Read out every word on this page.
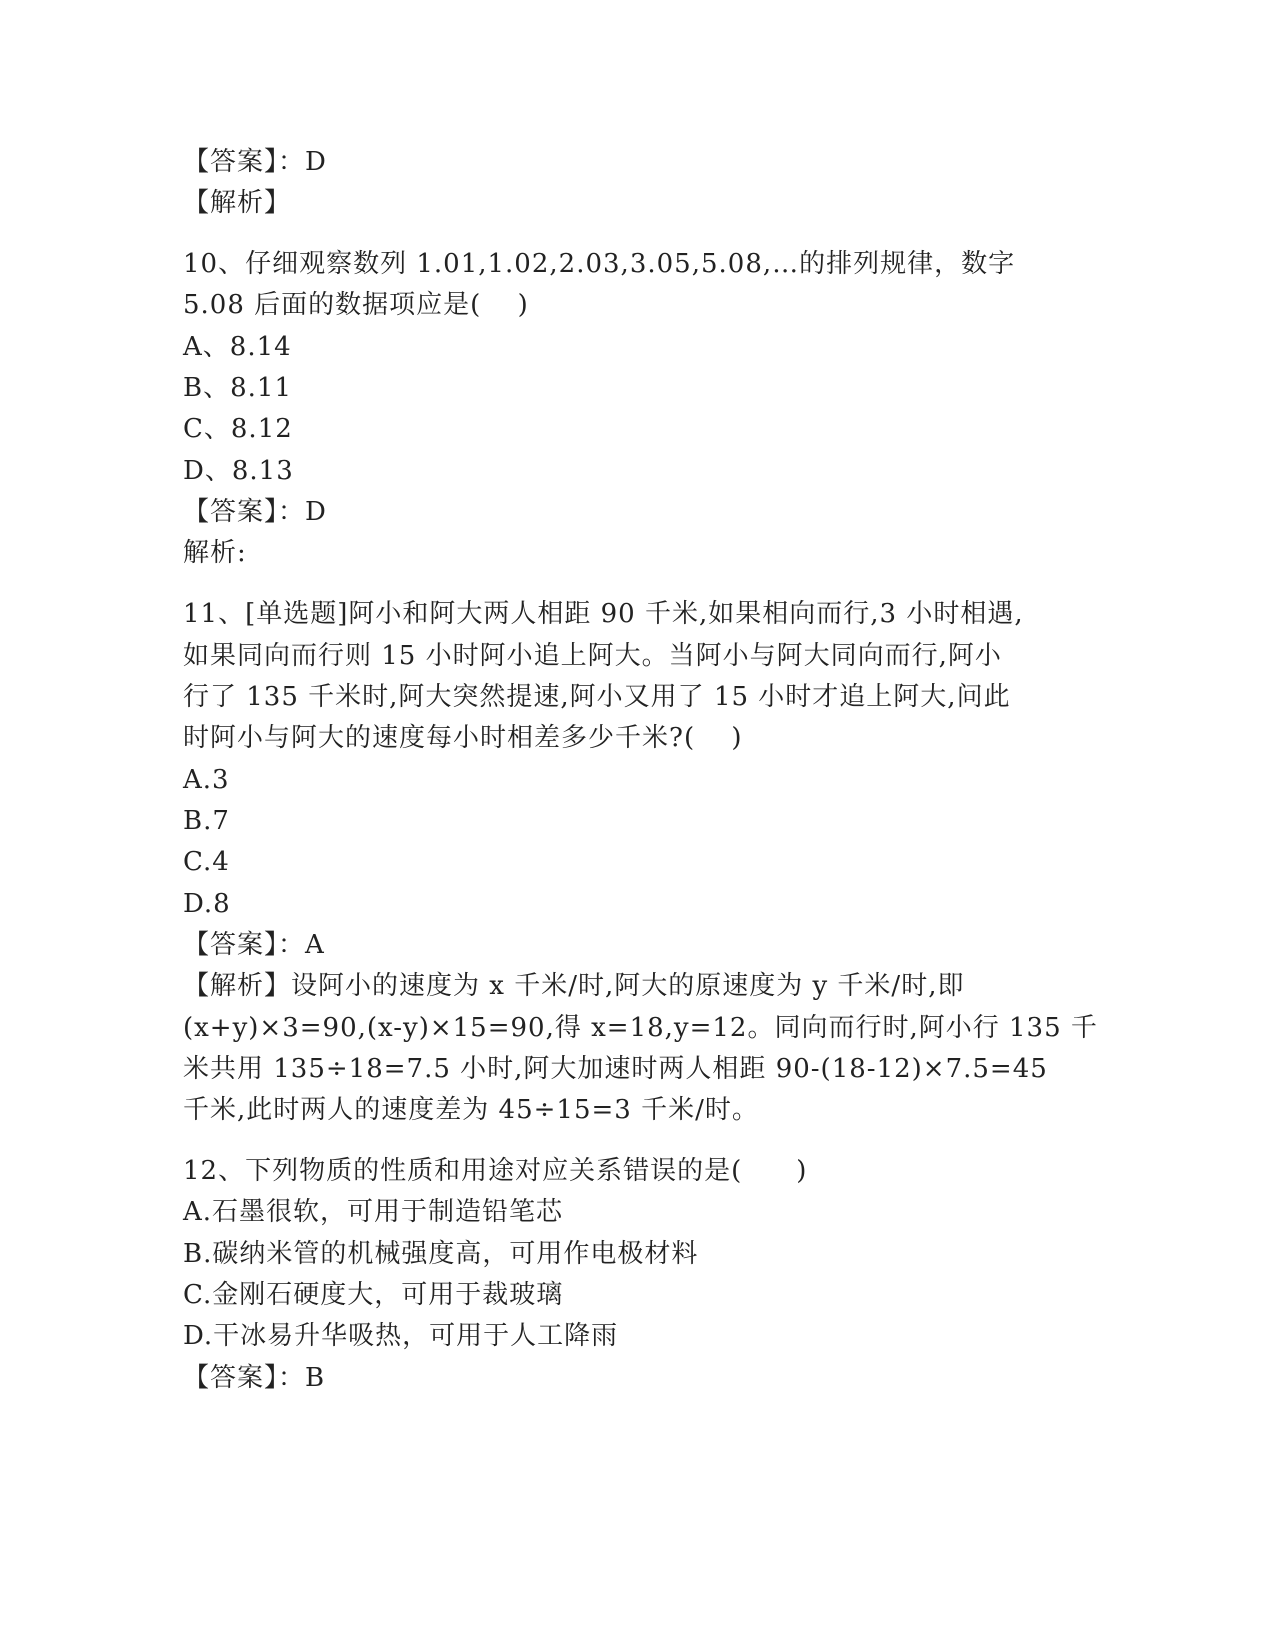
【答案】：D
【解析】
10、仔细观察数列 1.01,1.02,2.03,3.05,5.08,…的排列规律，数字
5.08 后面的数据项应是(　 )
A、8.14
B、8.11
C、8.12
D、8.13
【答案】：D
解析:
11、[单选题]阿小和阿大两人相距 90 千米,如果相向而行,3 小时相遇,
如果同向而行则 15 小时阿小追上阿大。当阿小与阿大同向而行,阿小
行了 135 千米时,阿大突然提速,阿小又用了 15 小时才追上阿大,问此
时阿小与阿大的速度每小时相差多少千米?(　 )
A.3
B.7
C.4
D.8
【答案】：A
【解析】设阿小的速度为 x 千米/时,阿大的原速度为 y 千米/时,即
(x+y)×3=90,(x-y)×15=90,得 x=18,y=12。同向而行时,阿小行 135 千
米共用 135÷18=7.5 小时,阿大加速时两人相距 90-(18-12)×7.5=45
千米,此时两人的速度差为 45÷15=3 千米/时。
12、下列物质的性质和用途对应关系错误的是(　　)
A.石墨很软，可用于制造铅笔芯
B.碳纳米管的机械强度高，可用作电极材料
C.金刚石硬度大，可用于裁玻璃
D.干冰易升华吸热，可用于人工降雨
【答案】：B
